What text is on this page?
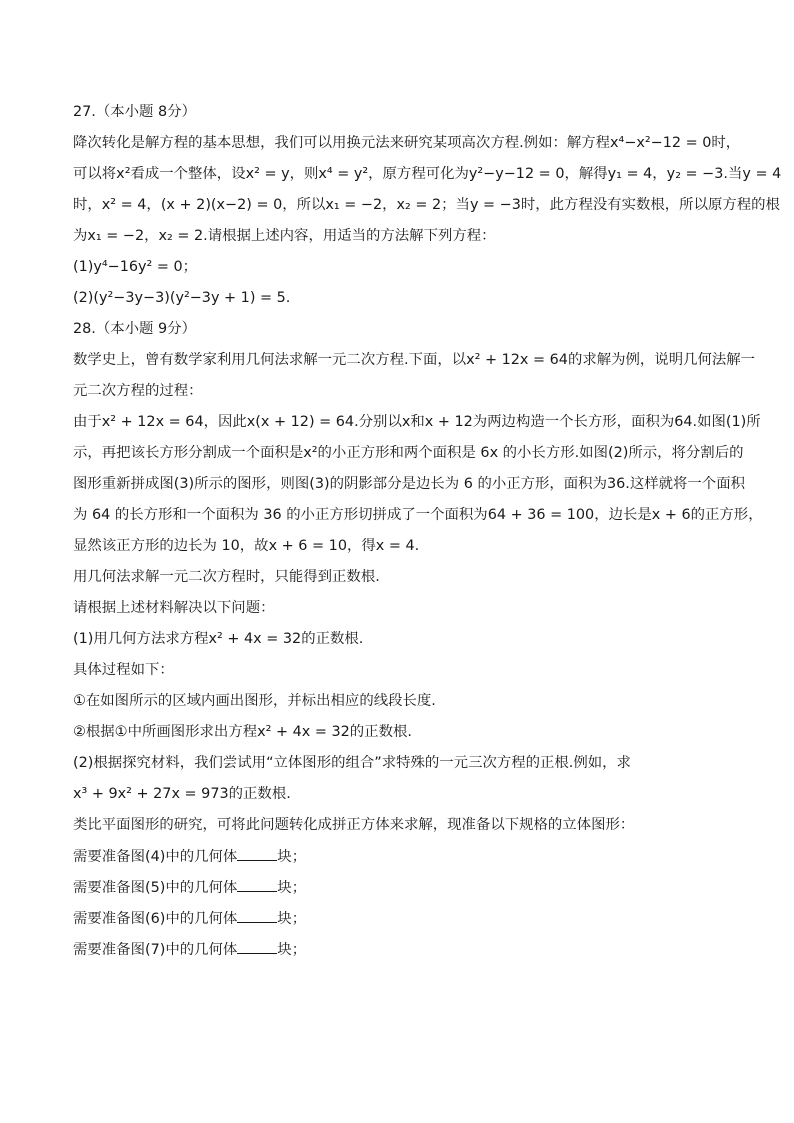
27.（本小题 8分）
降次转化是解方程的基本思想，我们可以用换元法来研究某项高次方程.例如：解方程x⁴−x²−12 = 0时，
可以将x²看成一个整体，设x² = y，则x⁴ = y²，原方程可化为y²−y−12 = 0，解得y₁ = 4，y₂ = −3.当y = 4
时，x² = 4，(x + 2)(x−2) = 0，所以x₁ = −2，x₂ = 2；当y = −3时，此方程没有实数根，所以原方程的根
为x₁ = −2，x₂ = 2.请根据上述内容，用适当的方法解下列方程：
(1)y⁴−16y² = 0；
(2)(y²−3y−3)(y²−3y + 1) = 5.
28.（本小题 9分）
数学史上，曾有数学家利用几何法求解一元二次方程.下面，以x² + 12x = 64的求解为例，说明几何法解一
元二次方程的过程：
由于x² + 12x = 64，因此x(x + 12) = 64.分别以x和x + 12为两边构造一个长方形，面积为64.如图(1)所
示，再把该长方形分割成一个面积是x²的小正方形和两个面积是 6x 的小长方形.如图(2)所示，将分割后的
图形重新拼成图(3)所示的图形，则图(3)的阴影部分是边长为 6 的小正方形，面积为36.这样就将一个面积
为 64 的长方形和一个面积为 36 的小正方形切拼成了一个面积为64 + 36 = 100，边长是x + 6的正方形，
显然该正方形的边长为 10，故x + 6 = 10，得x = 4.
用几何法求解一元二次方程时，只能得到正数根.
请根据上述材料解决以下问题：
(1)用几何方法求方程x² + 4x = 32的正数根.
具体过程如下：
①在如图所示的区域内画出图形，并标出相应的线段长度.
②根据①中所画图形求出方程x² + 4x = 32的正数根.
(2)根据探究材料，我们尝试用“立体图形的组合”求特殊的一元三次方程的正根.例如，求
x³ + 9x² + 27x = 973的正数根.
类比平面图形的研究，可将此问题转化成拼正方体来求解，现准备以下规格的立体图形：
需要准备图(4)中的几何体	块；
需要准备图(5)中的几何体	块；
需要准备图(6)中的几何体	块；
需要准备图(7)中的几何体	块；
